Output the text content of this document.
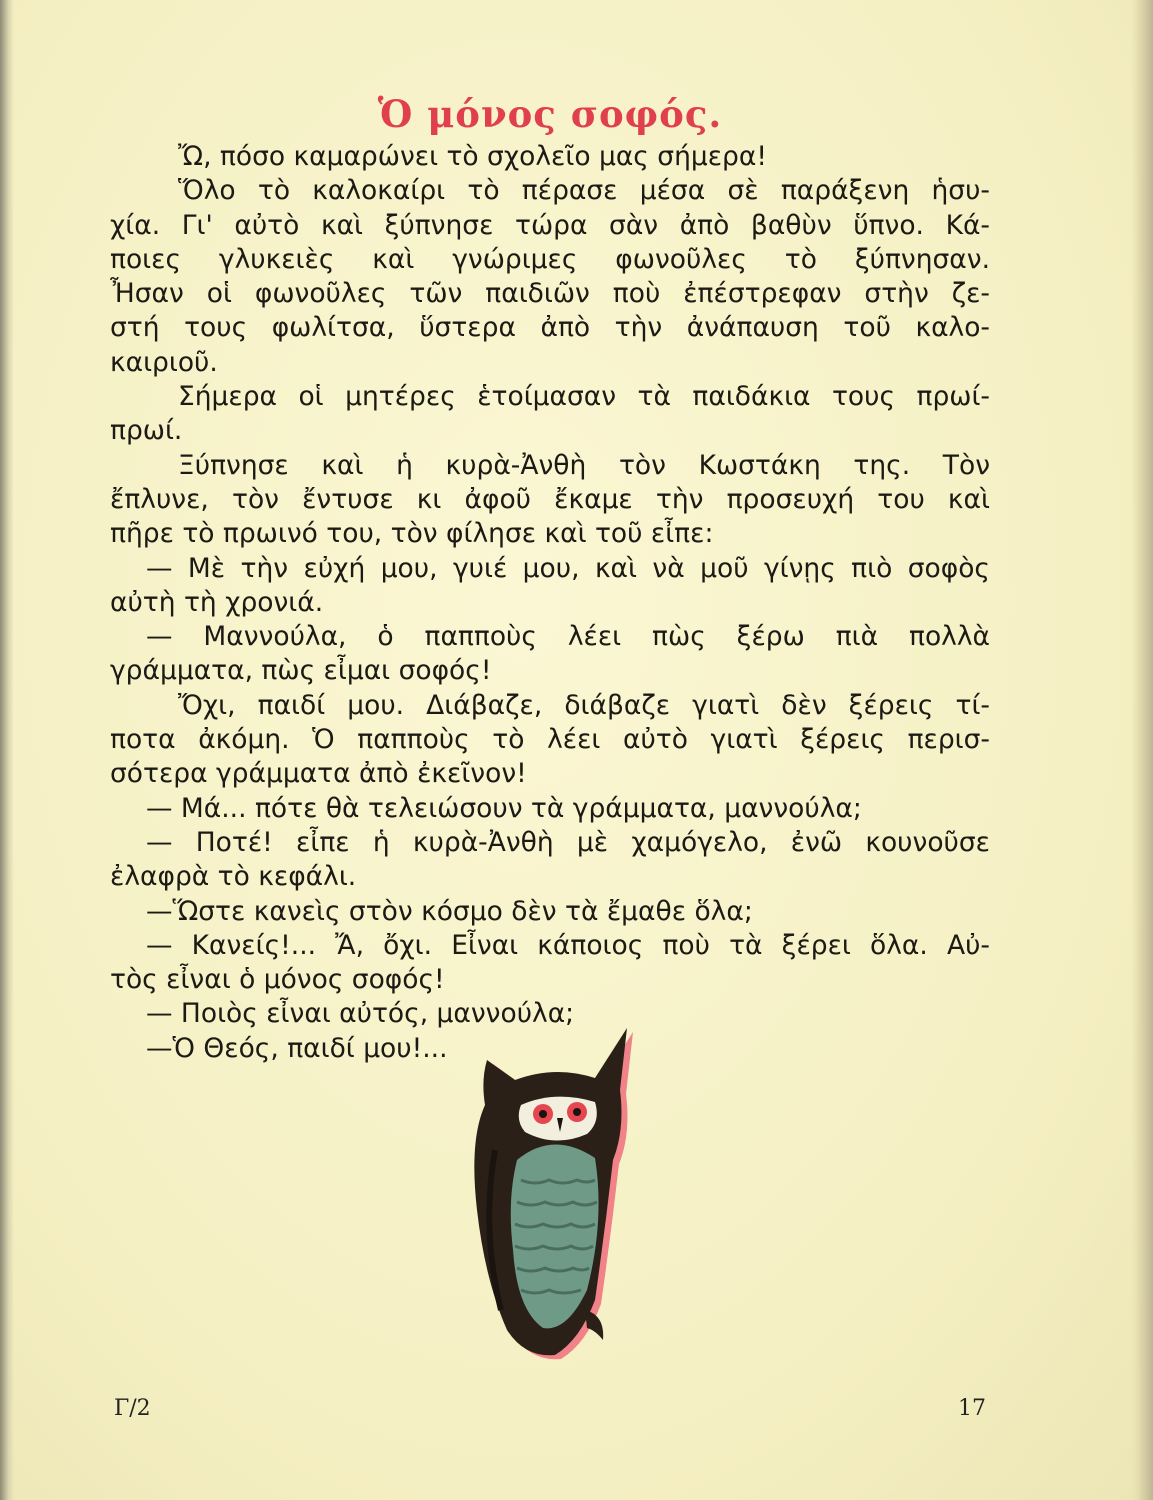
Ὁ μόνος σοφός.
Ὤ, πόσο καμαρώνει τὸ σχολεῖο μας σήμερα!
Ὅλο τὸ καλοκαίρι τὸ πέρασε μέσα σὲ παράξενη ἡσυ-
χία. Γι' αὐτὸ καὶ ξύπνησε τώρα σὰν ἀπὸ βαθὺν ὕπνο. Κά-
ποιες γλυκειὲς καὶ γνώριμες φωνοῦλες τὸ ξύπνησαν.
Ἦσαν οἱ φωνοῦλες τῶν παιδιῶν ποὺ ἐπέστρεφαν στὴν ζε-
στή τους φωλίτσα, ὕστερα ἀπὸ τὴν ἀνάπαυση τοῦ καλο-
καιριοῦ.
Σήμερα οἱ μητέρες ἑτοίμασαν τὰ παιδάκια τους πρωί-
πρωί.
Ξύπνησε καὶ ἡ κυρὰ-Ἀνθὴ τὸν Κωστάκη της. Τὸν
ἔπλυνε, τὸν ἔντυσε κι ἀφοῦ ἔκαμε τὴν προσευχή του καὶ
πῆρε τὸ πρωινό του, τὸν φίλησε καὶ τοῦ εἶπε:
— Μὲ τὴν εὐχή μου, γυιέ μου, καὶ νὰ μοῦ γίνῃς πιὸ σοφὸς
αὐτὴ τὴ χρονιά.
— Μαννούλα, ὁ παπποὺς λέει πὼς ξέρω πιὰ πολλὰ
γράμματα, πὼς εἶμαι σοφός!
Ὄχι, παιδί μου. Διάβαζε, διάβαζε γιατὶ δὲν ξέρεις τί-
ποτα ἀκόμη. Ὁ παπποὺς τὸ λέει αὐτὸ γιατὶ ξέρεις περισ-
σότερα γράμματα ἀπὸ ἐκεῖνον!
— Μά... πότε θὰ τελειώσουν τὰ γράμματα, μαννούλα;
— Ποτέ! εἶπε ἡ κυρὰ-Ἀνθὴ μὲ χαμόγελο, ἐνῶ κουνοῦσε
ἐλαφρὰ τὸ κεφάλι.
—Ὥστε κανεὶς στὸν κόσμο δὲν τὰ ἔμαθε ὅλα;
— Κανείς!... Ἄ, ὄχι. Εἶναι κάποιος ποὺ τὰ ξέρει ὅλα. Αὐ-
τὸς εἶναι ὁ μόνος σοφός!
— Ποιὸς εἶναι αὐτός, μαννούλα;
—Ὁ Θεός, παιδί μου!...
Γ/2	17
